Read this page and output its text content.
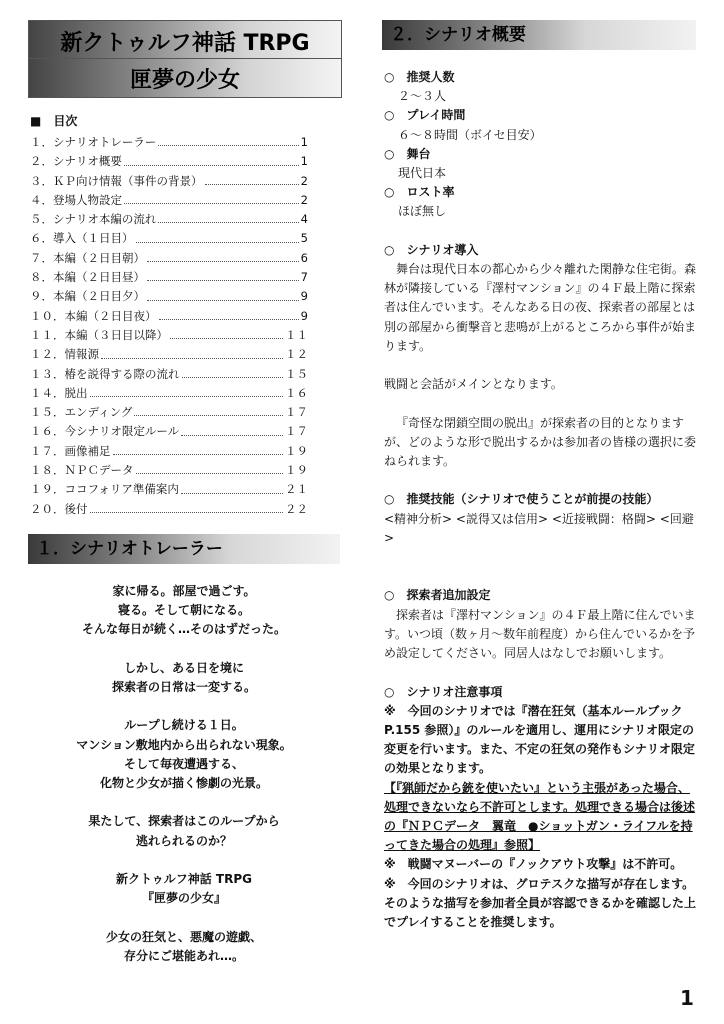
新クトゥルフ神話 TRPG
匣夢の少女
■　目次
１．シナリオトレーラー	1
２．シナリオ概要	1
３．ＫＰ向け情報（事件の背景）	2
４．登場人物設定	2
５．シナリオ本編の流れ	4
６．導入（１日目）	5
７．本編（２日目朝）	6
８．本編（２日目昼）	7
９．本編（２日目夕）	9
１０．本編（２日目夜）	9
１１．本編（３日目以降）	１１
１２．情報源	１２
１３．椿を説得する際の流れ	１５
１４．脱出	１６
１５．エンディング	１７
１６．今シナリオ限定ルール	１７
１７．画像補足	１９
１８．ＮＰＣデータ	１９
１９．ココフォリア準備案内	２１
２０．後付	２２
１．シナリオトレーラー

家に帰る。部屋で過ごす。

寝る。そして朝になる。

そんな毎日が続く…そのはずだった。

しかし、ある日を境に

探索者の日常は一変する。

ループし続ける１日。

マンション敷地内から出られない現象。

そして毎夜遭遇する、

化物と少女が描く惨劇の光景。

果たして、探索者はこのループから

逃れられるのか？

新クトゥルフ神話 TRPG

『匣夢の少女』

少女の狂気と、悪魔の遊戯、

存分にご堪能あれ…。

２．シナリオ概要

○　推奨人数

２～３人

○　プレイ時間

６～８時間（ボイセ目安）

○　舞台

現代日本

○　ロスト率

ほぼ無し

○　シナリオ導入

舞台は現代日本の都心から少々離れた閑静な住宅街。森林が隣接している『澤村マンション』の４Ｆ最上階に探索者は住んでいます。そんなある日の夜、探索者の部屋とは別の部屋から衝撃音と悲鳴が上がるところから事件が始まります。

戦闘と会話がメインとなります。

『奇怪な閉鎖空間の脱出』が探索者の目的となりますが、どのような形で脱出するかは参加者の皆様の選択に委ねられます。

○　推奨技能（シナリオで使うことが前提の技能）

<精神分析> <説得又は信用> <近接戦闘：格闘> <回避>

○　探索者追加設定

探索者は『澤村マンション』の４Ｆ最上階に住んでいます。いつ頃（数ヶ月～数年前程度）から住んでいるかを予め設定してください。同居人はなしでお願いします。

○　シナリオ注意事項

※　今回のシナリオでは『潜在狂気（基本ルールブックP.155 参照）』のルールを適用し、運用にシナリオ限定の変更を行います。また、不定の狂気の発作もシナリオ限定の効果となります。

【『猟師だから銃を使いたい』という主張があった場合、処理できないなら不許可とします。処理できる場合は後述の『ＮＰＣデータ　翼竜　●ショットガン・ライフルを持ってきた場合の処理』参照】

※　戦闘マヌーバーの『ノックアウト攻撃』は不許可。

※　今回のシナリオは、グロテスクな描写が存在します。そのような描写を参加者全員が容認できるかを確認した上でプレイすることを推奨します。

1
